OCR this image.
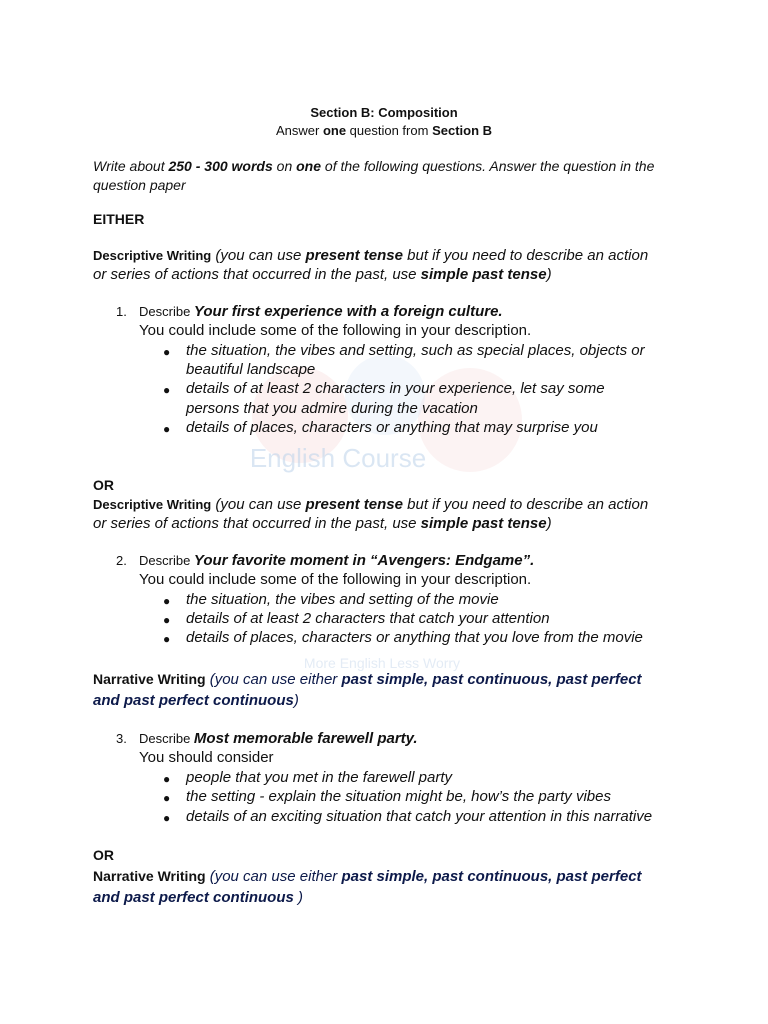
English Course
More English Less Worry

Section B: Composition

Answer one question from Section B

Write about 250 - 300 words on one of the following questions. Answer the question in the

question paper

EITHER

Descriptive Writing (you can use present tense but if you need to describe an action

or series of actions that occurred in the past, use simple past tense)

1. Describe Your first experience with a foreign culture.

You could include some of the following in your description.

● the situation, the vibes and setting, such as special places, objects or

beautiful landscape

● details of at least 2 characters in your experience, let say some

persons that you admire during the vacation

● details of places, characters or anything that may surprise you

OR

Descriptive Writing (you can use present tense but if you need to describe an action

or series of actions that occurred in the past, use simple past tense)

2. Describe Your favorite moment in “Avengers: Endgame”.

You could include some of the following in your description.

● the situation, the vibes and setting of the movie

● details of at least 2 characters that catch your attention

● details of places, characters or anything that you love from the movie

Narrative Writing (you can use either past simple, past continuous, past perfect

and past perfect continuous)

3. Describe Most memorable farewell party.

You should consider

● people that you met in the farewell party

● the setting - explain the situation might be, how’s the party vibes

● details of an exciting situation that catch your attention in this narrative

OR

Narrative Writing (you can use either past simple, past continuous, past perfect

and past perfect continuous )
